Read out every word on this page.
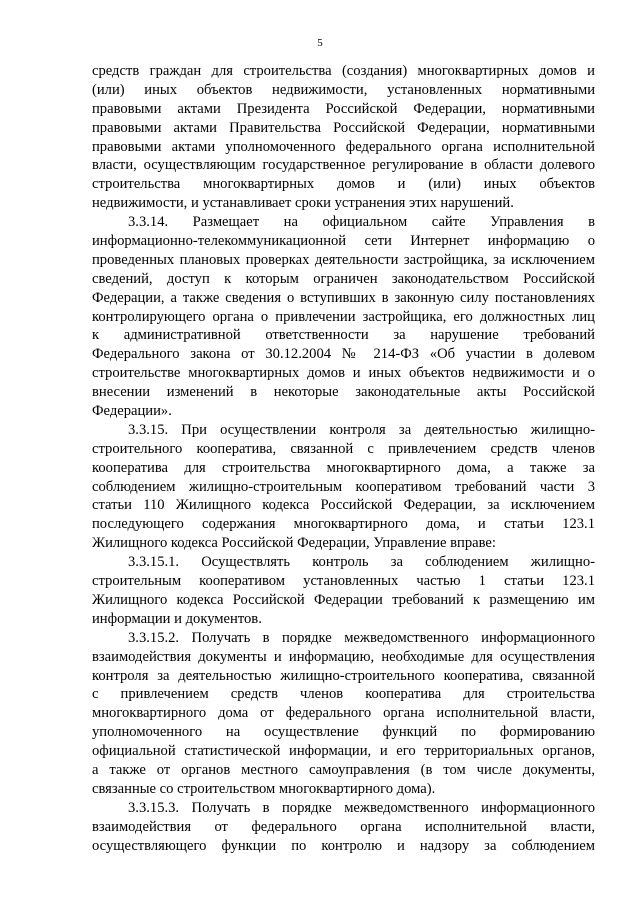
5
средств граждан для строительства (создания) многоквартирных домов и
(или) иных объектов недвижимости, установленных нормативными
правовыми актами Президента Российской Федерации, нормативными
правовыми актами Правительства Российской Федерации, нормативными
правовыми актами уполномоченного федерального органа исполнительной
власти, осуществляющим государственное регулирование в области долевого
строительства многоквартирных домов и (или) иных объектов
недвижимости, и устанавливает сроки устранения этих нарушений.
3.3.14. Размещает на официальном сайте Управления в
информационно-телекоммуникационной сети Интернет информацию о
проведенных плановых проверках деятельности застройщика, за исключением
сведений, доступ к которым ограничен законодательством Российской
Федерации, а также сведения о вступивших в законную силу постановлениях
контролирующего органа о привлечении застройщика, его должностных лиц
к административной ответственности за нарушение требований
Федерального закона от 30.12.2004 № 214-ФЗ «Об участии в долевом
строительстве многоквартирных домов и иных объектов недвижимости и о
внесении изменений в некоторые законодательные акты Российской
Федерации».
3.3.15. При осуществлении контроля за деятельностью жилищно-
строительного кооператива, связанной с привлечением средств членов
кооператива для строительства многоквартирного дома, а также за
соблюдением жилищно-строительным кооперативом требований части 3
статьи 110 Жилищного кодекса Российской Федерации, за исключением
последующего содержания многоквартирного дома, и статьи 123.1
Жилищного кодекса Российской Федерации, Управление вправе:
3.3.15.1. Осуществлять контроль за соблюдением жилищно-
строительным кооперативом установленных частью 1 статьи 123.1
Жилищного кодекса Российской Федерации требований к размещению им
информации и документов.
3.3.15.2. Получать в порядке межведомственного информационного
взаимодействия документы и информацию, необходимые для осуществления
контроля за деятельностью жилищно-строительного кооператива, связанной
с привлечением средств членов кооператива для строительства
многоквартирного дома от федерального органа исполнительной власти,
уполномоченного на осуществление функций по формированию
официальной статистической информации, и его территориальных органов,
а также от органов местного самоуправления (в том числе документы,
связанные со строительством многоквартирного дома).
3.3.15.3. Получать в порядке межведомственного информационного
взаимодействия от федерального органа исполнительной власти,
осуществляющего функции по контролю и надзору за соблюдением
